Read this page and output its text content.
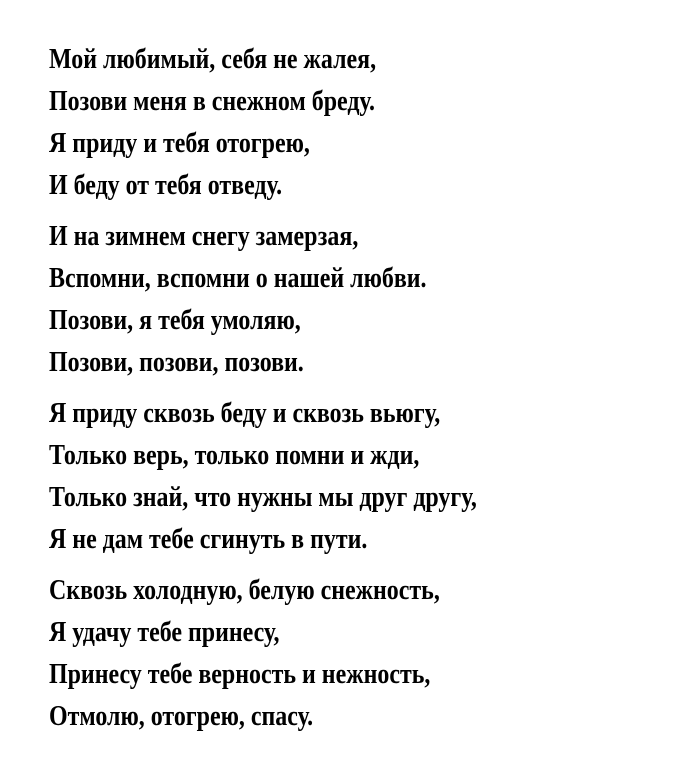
Мой любимый, себя не жалея,
Позови меня в снежном бреду.
Я приду и тебя отогрею,
И беду от тебя отведу.
И на зимнем снегу замерзая,
Вспомни, вспомни о нашей любви.
Позови, я тебя умоляю,
Позови, позови, позови.
Я приду сквозь беду и сквозь вьюгу,
Только верь, только помни и жди,
Только знай, что нужны мы друг другу,
Я не дам тебе сгинуть в пути.
Сквозь холодную, белую снежность,
Я удачу тебе принесу,
Принесу тебе верность и нежность,
Отмолю, отогрею, спасу.
